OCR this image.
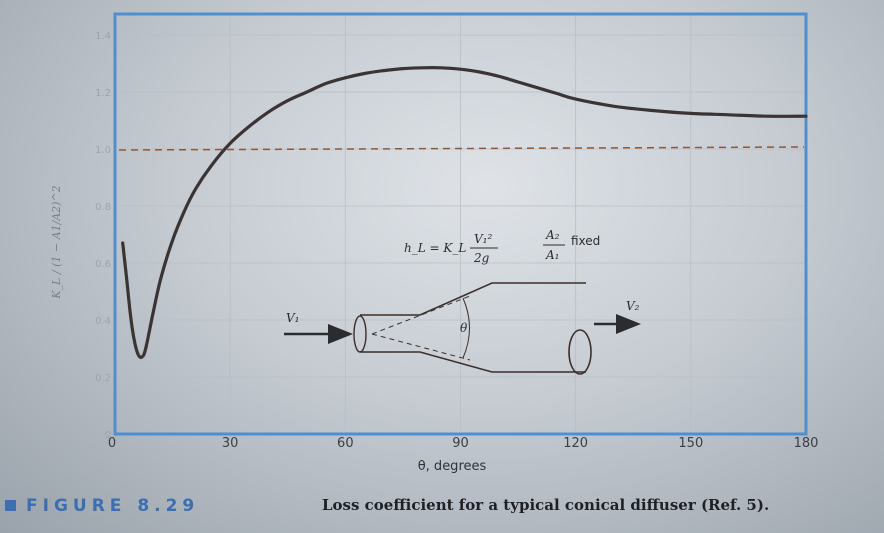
0
0.2
0.4
0.6
0.8
1.0
1.2
1.4
0	30	60	90	120	150	180
θ, degrees
K_L / (1 − A1/A2)^2	h_L = K_L
V₁²
2g
A₂
A₁
fixed
V₁
θ
V₂
FIGURE 8.29	Loss coefficient for a typical conical diffuser (Ref. 5).
